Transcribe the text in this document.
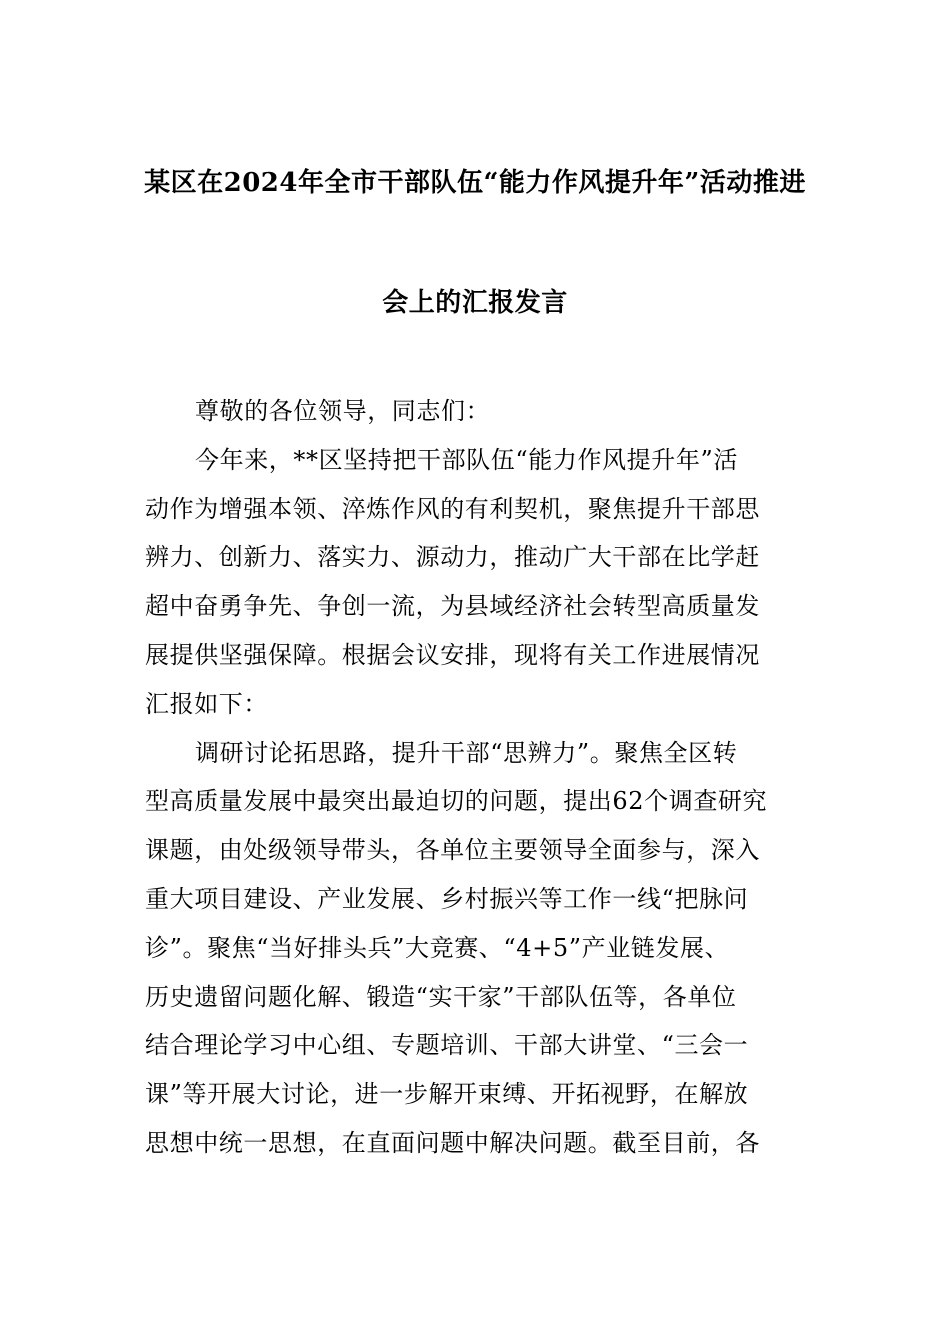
某区在2024年全市干部队伍“能力作风提升年”活动推进
会上的汇报发言
尊敬的各位领导，同志们：
今年来，**区坚持把干部队伍“能力作风提升年”活
动作为增强本领、淬炼作风的有利契机，聚焦提升干部思
辨力、创新力、落实力、源动力，推动广大干部在比学赶
超中奋勇争先、争创一流，为县域经济社会转型高质量发
展提供坚强保障。根据会议安排，现将有关工作进展情况
汇报如下：
调研讨论拓思路，提升干部“思辨力”。聚焦全区转
型高质量发展中最突出最迫切的问题，提出62个调查研究
课题，由处级领导带头，各单位主要领导全面参与，深入
重大项目建设、产业发展、乡村振兴等工作一线“把脉问
诊”。聚焦“当好排头兵”大竞赛、“4+5”产业链发展、
历史遗留问题化解、锻造“实干家”干部队伍等，各单位
结合理论学习中心组、专题培训、干部大讲堂、“三会一
课”等开展大讨论，进一步解开束缚、开拓视野，在解放
思想中统一思想，在直面问题中解决问题。截至目前，各
